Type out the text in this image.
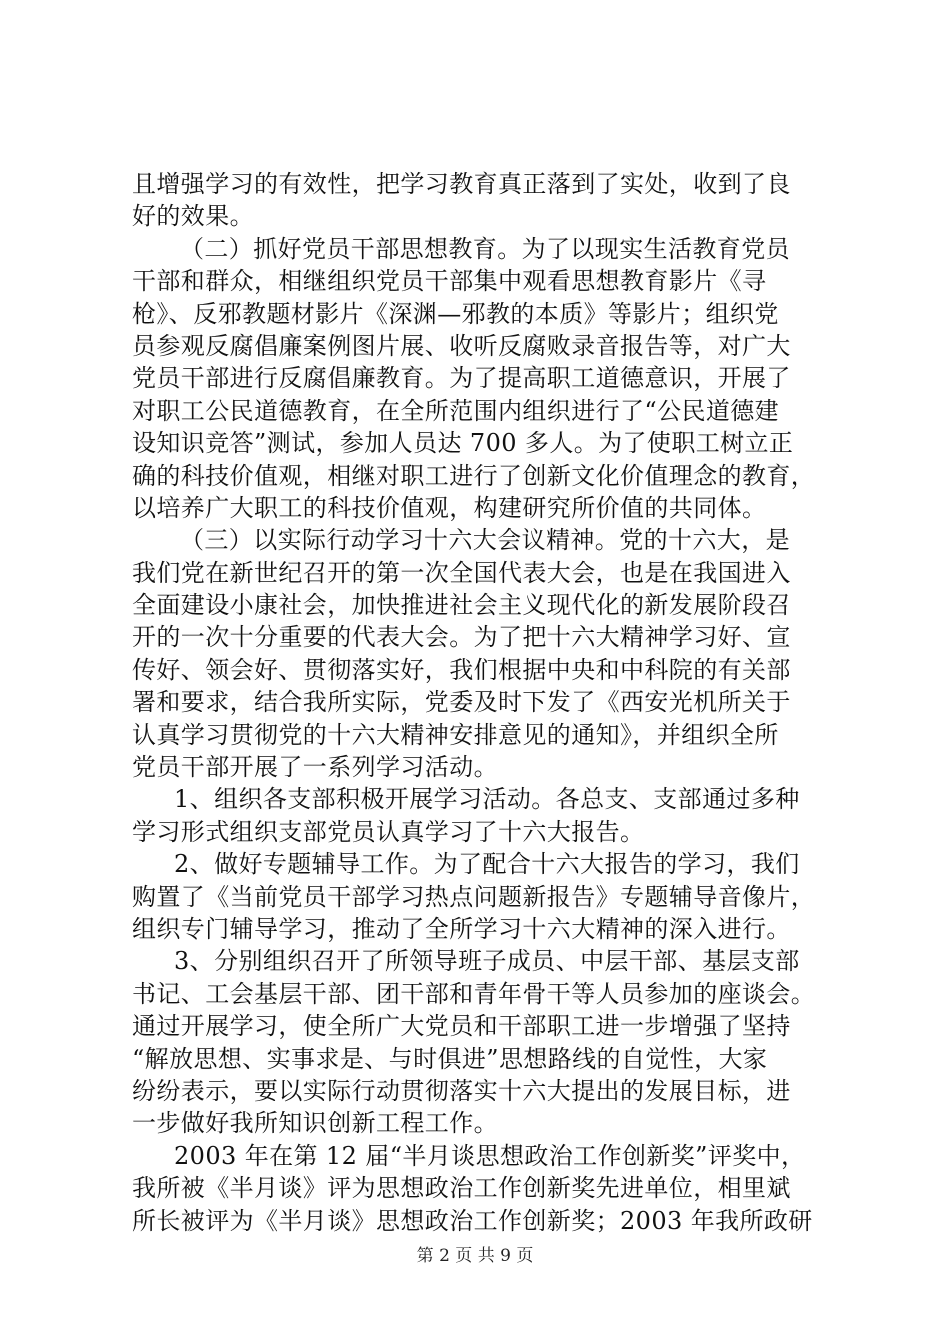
且增强学习的有效性，把学习教育真正落到了实处，收到了良
好的效果。
（二）抓好党员干部思想教育。为了以现实生活教育党员
干部和群众，相继组织党员干部集中观看思想教育影片《寻
枪》、反邪教题材影片《深渊—邪教的本质》等影片；组织党
员参观反腐倡廉案例图片展、收听反腐败录音报告等，对广大
党员干部进行反腐倡廉教育。为了提高职工道德意识，开展了
对职工公民道德教育，在全所范围内组织进行了“公民道德建
设知识竞答”测试，参加人员达 700 多人。为了使职工树立正
确的科技价值观，相继对职工进行了创新文化价值理念的教育，
以培养广大职工的科技价值观，构建研究所价值的共同体。
（三）以实际行动学习十六大会议精神。党的十六大，是
我们党在新世纪召开的第一次全国代表大会，也是在我国进入
全面建设小康社会，加快推进社会主义现代化的新发展阶段召
开的一次十分重要的代表大会。为了把十六大精神学习好、宣
传好、领会好、贯彻落实好，我们根据中央和中科院的有关部
署和要求，结合我所实际，党委及时下发了《西安光机所关于
认真学习贯彻党的十六大精神安排意见的通知》，并组织全所
党员干部开展了一系列学习活动。
1、组织各支部积极开展学习活动。各总支、支部通过多种
学习形式组织支部党员认真学习了十六大报告。
2、做好专题辅导工作。为了配合十六大报告的学习，我们
购置了《当前党员干部学习热点问题新报告》专题辅导音像片，
组织专门辅导学习，推动了全所学习十六大精神的深入进行。
3、分别组织召开了所领导班子成员、中层干部、基层支部
书记、工会基层干部、团干部和青年骨干等人员参加的座谈会。
通过开展学习，使全所广大党员和干部职工进一步增强了坚持
“解放思想、实事求是、与时俱进”思想路线的自觉性，大家
纷纷表示，要以实际行动贯彻落实十六大提出的发展目标，进
一步做好我所知识创新工程工作。
2003 年在第 12 届“半月谈思想政治工作创新奖”评奖中，
我所被《半月谈》评为思想政治工作创新奖先进单位，相里斌
所长被评为《半月谈》思想政治工作创新奖；2003 年我所政研
第 2 页 共 9 页
